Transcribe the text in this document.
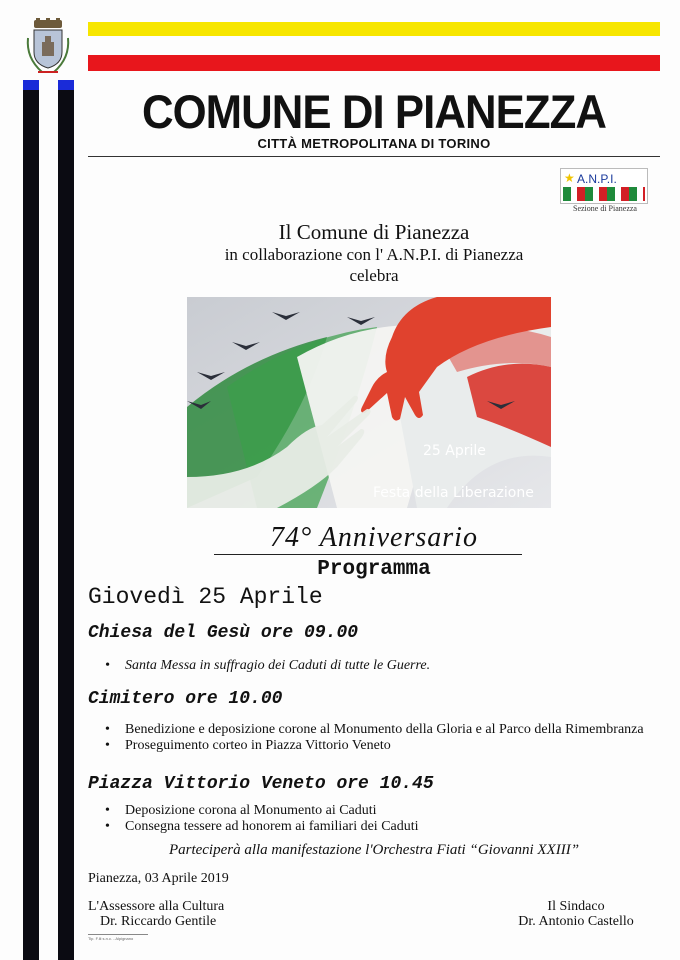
COMUNE DI PIANEZZA
CITTÀ METROPOLITANA DI TORINO
★ A.N.P.I.
Sezione di Pianezza
Il Comune di Pianezza
in collaborazione con l' A.N.P.I. di Pianezza
celebra
25 Aprile
Festa della Liberazione
74° Anniversario
Programma
Giovedì 25 Aprile
Chiesa del Gesù ore 09.00
• Santa Messa in suffragio dei Caduti di tutte le Guerre.
Cimitero ore 10.00
• Benedizione e deposizione corone al Monumento della Gloria e al Parco della Rimembranza
• Proseguimento corteo in Piazza Vittorio Veneto
Piazza Vittorio Veneto ore 10.45
• Deposizione corona al Monumento ai Caduti
• Consegna tessere ad honorem ai familiari dei Caduti
Parteciperà alla manifestazione l'Orchestra Fiati “Giovanni XXIII”
Pianezza, 03 Aprile 2019
L'Assessore alla Cultura
Dr. Riccardo Gentile
Il Sindaco
Dr. Antonio Castello
Tip. F.lli s.n.c. - Alpignano
